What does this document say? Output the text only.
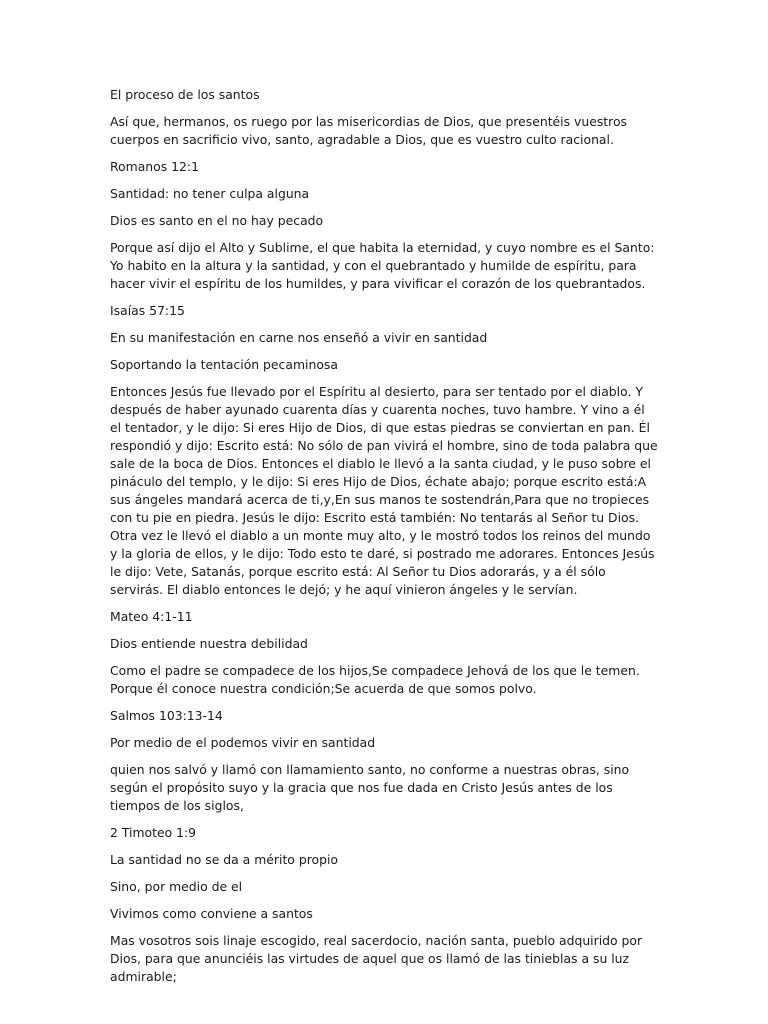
El proceso de los santos

Así que, hermanos, os ruego por las misericordias de Dios, que presentéis vuestros cuerpos en sacrificio vivo, santo, agradable a Dios, que es vuestro culto racional.

Romanos 12:1

Santidad: no tener culpa alguna

Dios es santo en el no hay pecado

Porque así dijo el Alto y Sublime, el que habita la eternidad, y cuyo nombre es el Santo: Yo habito en la altura y la santidad, y con el quebrantado y humilde de espíritu, para hacer vivir el espíritu de los humildes, y para vivificar el corazón de los quebrantados.

Isaías 57:15

En su manifestación en carne nos enseñó a vivir en santidad

Soportando la tentación pecaminosa

Entonces Jesús fue llevado por el Espíritu al desierto, para ser tentado por el diablo. Y después de haber ayunado cuarenta días y cuarenta noches, tuvo hambre. Y vino a él el tentador, y le dijo: Si eres Hijo de Dios, di que estas piedras se conviertan en pan. Él respondió y dijo: Escrito está: No sólo de pan vivirá el hombre, sino de toda palabra que sale de la boca de Dios. Entonces el diablo le llevó a la santa ciudad, y le puso sobre el pináculo del templo, y le dijo: Si eres Hijo de Dios, échate abajo; porque escrito está:A sus ángeles mandará acerca de ti,y,En sus manos te sostendrán,Para que no tropieces con tu pie en piedra. Jesús le dijo: Escrito está también: No tentarás al Señor tu Dios. Otra vez le llevó el diablo a un monte muy alto, y le mostró todos los reinos del mundo y la gloria de ellos, y le dijo: Todo esto te daré, si postrado me adorares. Entonces Jesús le dijo: Vete, Satanás, porque escrito está: Al Señor tu Dios adorarás, y a él sólo servirás. El diablo entonces le dejó; y he aquí vinieron ángeles y le servían.

Mateo 4:1-11

Dios entiende nuestra debilidad

Como el padre se compadece de los hijos,Se compadece Jehová de los que le temen. Porque él conoce nuestra condición;Se acuerda de que somos polvo.

Salmos 103:13-14

Por medio de el podemos vivir en santidad

quien nos salvó y llamó con llamamiento santo, no conforme a nuestras obras, sino según el propósito suyo y la gracia que nos fue dada en Cristo Jesús antes de los tiempos de los siglos,

2 Timoteo 1:9

La santidad no se da a mérito propio

Sino, por medio de el

Vivimos como conviene a santos

Mas vosotros sois linaje escogido, real sacerdocio, nación santa, pueblo adquirido por Dios, para que anunciéis las virtudes de aquel que os llamó de las tinieblas a su luz admirable;
